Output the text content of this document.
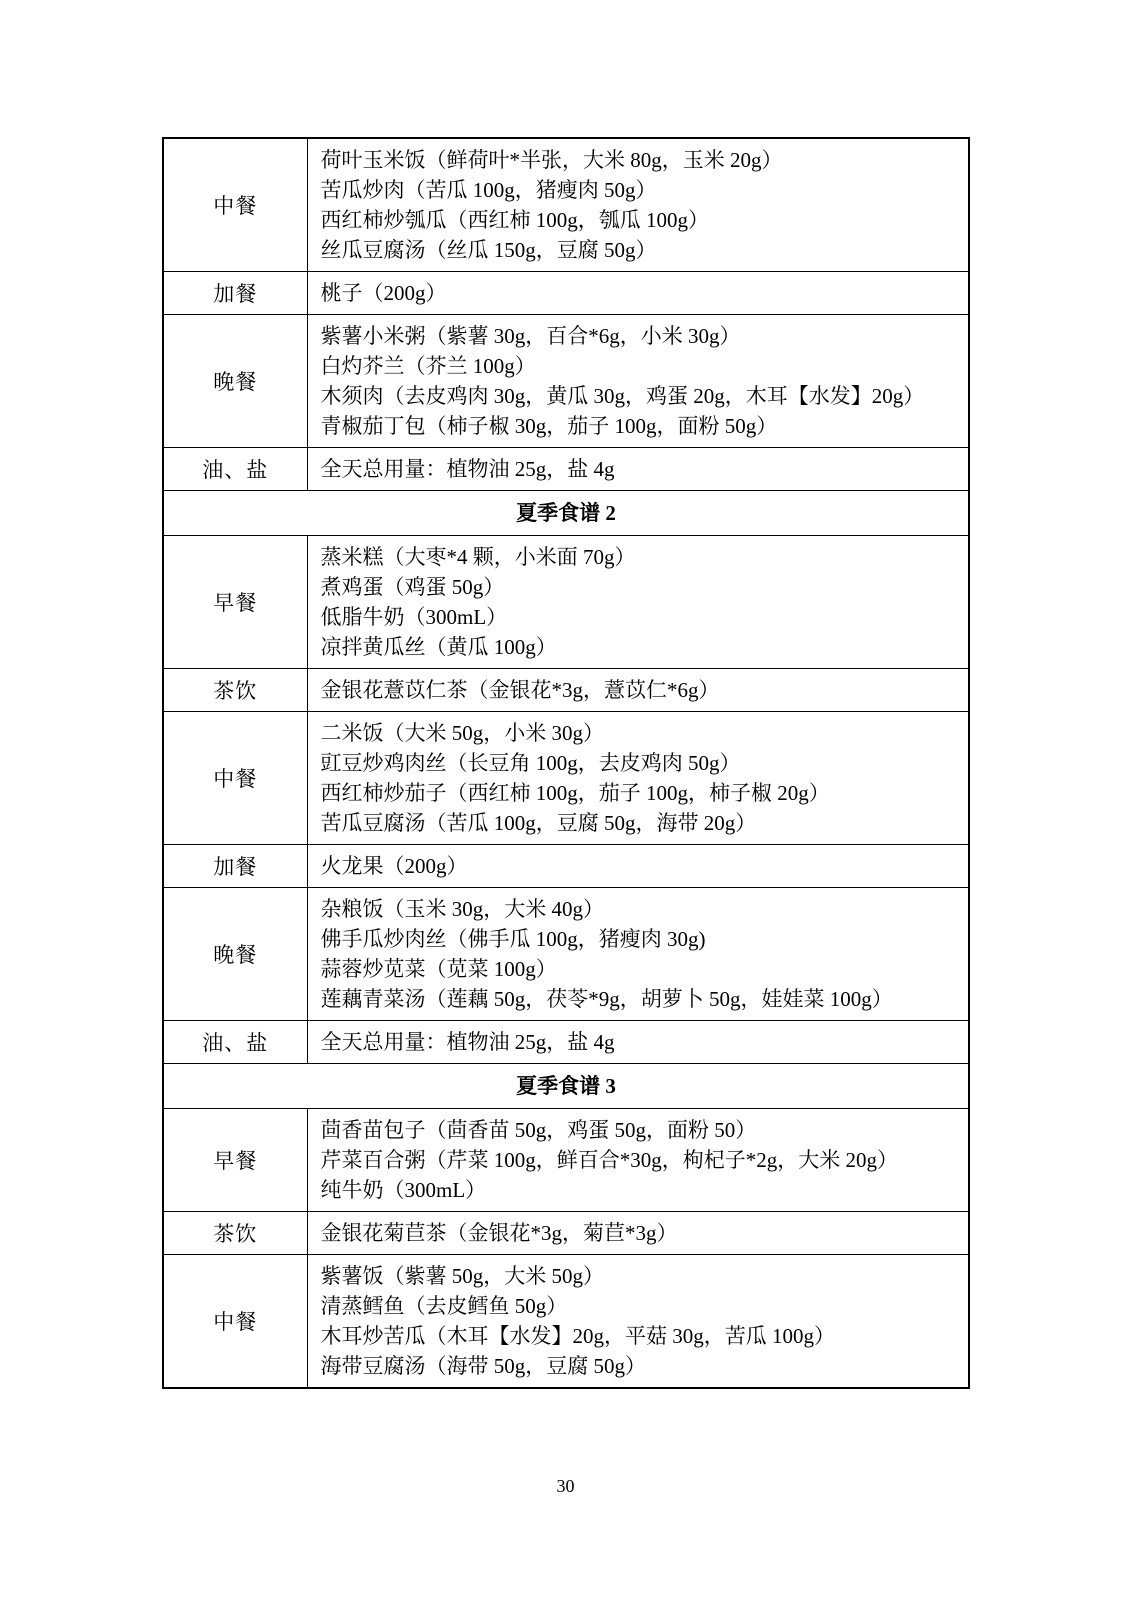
中餐	荷叶玉米饭（鲜荷叶*半张，大米 80g，玉米 20g）
苦瓜炒肉（苦瓜 100g，猪瘦肉 50g）
西红柿炒瓠瓜（西红柿 100g，瓠瓜 100g）
丝瓜豆腐汤（丝瓜 150g，豆腐 50g）

加餐	桃子（200g）

晚餐	紫薯小米粥（紫薯 30g，百合*6g，小米 30g）
白灼芥兰（芥兰 100g）
木须肉（去皮鸡肉 30g，黄瓜 30g，鸡蛋 20g，木耳【水发】20g）
青椒茄丁包（柿子椒 30g，茄子 100g，面粉 50g）

油、盐	全天总用量：植物油 25g，盐 4g

夏季食谱 2	
早餐	蒸米糕（大枣*4 颗，小米面 70g）
煮鸡蛋（鸡蛋 50g）
低脂牛奶（300mL）
凉拌黄瓜丝（黄瓜 100g）

茶饮	金银花薏苡仁茶（金银花*3g，薏苡仁*6g）

中餐	二米饭（大米 50g，小米 30g）
豇豆炒鸡肉丝（长豆角 100g，去皮鸡肉 50g）
西红柿炒茄子（西红柿 100g，茄子 100g，柿子椒 20g）
苦瓜豆腐汤（苦瓜 100g，豆腐 50g，海带 20g）

加餐	火龙果（200g）

晚餐	杂粮饭（玉米 30g，大米 40g）
佛手瓜炒肉丝（佛手瓜 100g，猪瘦肉 30g)
蒜蓉炒苋菜（苋菜 100g）
莲藕青菜汤（莲藕 50g，茯苓*9g，胡萝卜 50g，娃娃菜 100g）

油、盐	全天总用量：植物油 25g，盐 4g

夏季食谱 3	
早餐	茴香苗包子（茴香苗 50g，鸡蛋 50g，面粉 50）
芹菜百合粥（芹菜 100g，鲜百合*30g，枸杞子*2g，大米 20g）
纯牛奶（300mL）

茶饮	金银花菊苣茶（金银花*3g，菊苣*3g）

中餐	紫薯饭（紫薯 50g，大米 50g）
清蒸鳕鱼（去皮鳕鱼 50g）
木耳炒苦瓜（木耳【水发】20g，平菇 30g，苦瓜 100g）
海带豆腐汤（海带 50g，豆腐 50g）
30
